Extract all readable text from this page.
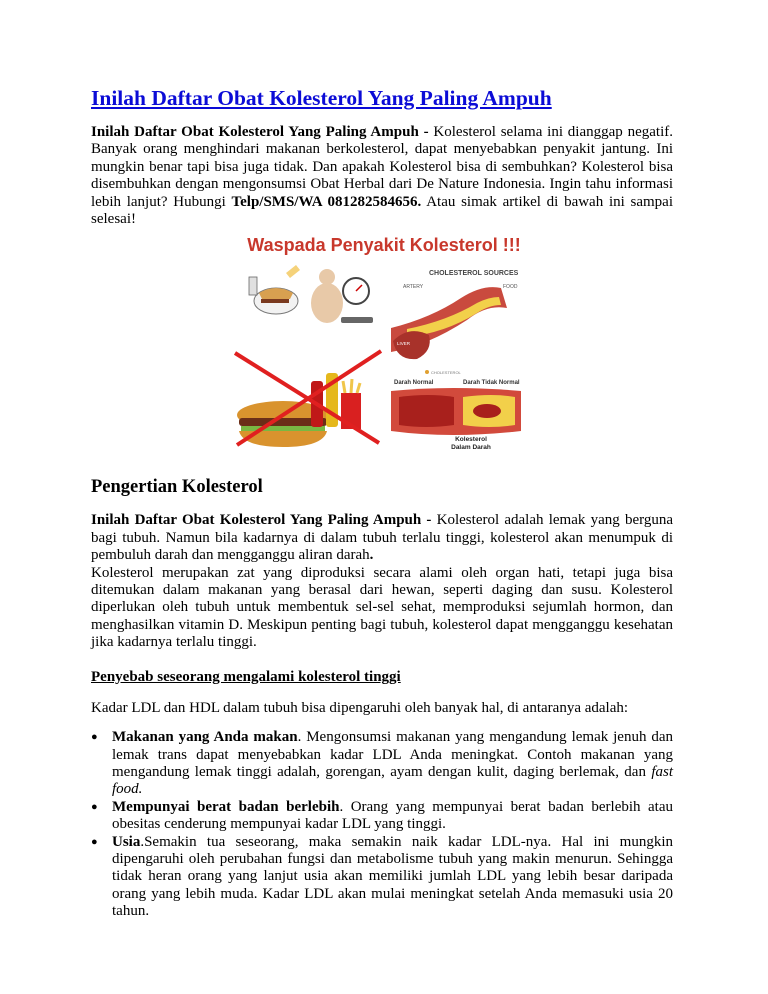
Inilah Daftar Obat Kolesterol Yang Paling Ampuh

Inilah Daftar Obat Kolesterol Yang Paling Ampuh - Kolesterol selama ini dianggap negatif. Banyak orang menghindari makanan berkolesterol, dapat menyebabkan penyakit jantung. Ini mungkin benar tapi bisa juga tidak. Dan apakah Kolesterol bisa di sembuhkan? Kolesterol bisa disembuhkan dengan mengonsumsi Obat Herbal dari De Nature Indonesia. Ingin tahu informasi lebih lanjut? Hubungi Telp/SMS/WA 081282584656. Atau simak artikel di bawah ini sampai selesai!

Waspada Penyakit Kolesterol !!!
CHOLESTEROL SOURCES
ARTERY	FOOD
LIVER
CHOLESTEROL
Darah Normal	Darah Tidak Normal
Kolesterol
Dalam Darah
Pengertian Kolesterol

Inilah Daftar Obat Kolesterol Yang Paling Ampuh - Kolesterol adalah lemak yang berguna bagi tubuh. Namun bila kadarnya di dalam tubuh terlalu tinggi, kolesterol akan menumpuk di pembuluh darah dan mengganggu aliran darah.

Kolesterol merupakan zat yang diproduksi secara alami oleh organ hati, tetapi juga bisa ditemukan dalam makanan yang berasal dari hewan, seperti daging dan susu. Kolesterol diperlukan oleh tubuh untuk membentuk sel-sel sehat, memproduksi sejumlah hormon, dan menghasilkan vitamin D. Meskipun penting bagi tubuh, kolesterol dapat mengganggu kesehatan jika kadarnya terlalu tinggi.

Penyebab seseorang mengalami kolesterol tinggi

Kadar LDL dan HDL dalam tubuh bisa dipengaruhi oleh banyak hal, di antaranya adalah:

● Makanan yang Anda makan. Mengonsumsi makanan yang mengandung lemak jenuh dan lemak trans dapat menyebabkan kadar LDL Anda meningkat. Contoh makanan yang mengandung lemak tinggi adalah, gorengan, ayam dengan kulit, daging berlemak, dan fast food.
● Mempunyai berat badan berlebih. Orang yang mempunyai berat badan berlebih atau obesitas cenderung mempunyai kadar LDL yang tinggi.
● Usia.Semakin tua seseorang, maka semakin naik kadar LDL-nya. Hal ini mungkin dipengaruhi oleh perubahan fungsi dan metabolisme tubuh yang makin menurun. Sehingga tidak heran orang yang lanjut usia akan memiliki jumlah LDL yang lebih besar daripada orang yang lebih muda. Kadar LDL akan mulai meningkat setelah Anda memasuki usia 20 tahun.
